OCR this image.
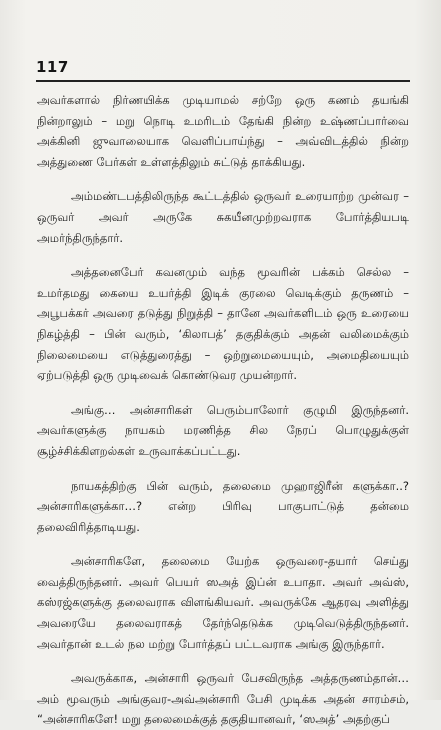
117

அவர்களால் நிர்ணயிக்க முடியாமல் சற்றே ஒரு கணம் தயங்கி நின்றாலும் – மறு நொடி உமரிடம் தேங்கி நின்ற உஷ்ணப்பார்வை அக்கினி ஜுவாலையாக வெளிப்பாய்ந்து – அவ்விடத்தில் நின்ற அத்துணை பேர்கள் உள்ளத்திலும் சுட்டுத் தாக்கியது.

அம்மண்டபத்திலிருந்த கூட்டத்தில் ஒருவர் உரையாற்ற முன்வர – ஒருவர் அவர் அருகே சுகயீனமுற்றவராக போர்த்தியபடி அமர்ந்திருந்தார்.

அத்தனைபேர் கவனமும் வந்த மூவரின் பக்கம் செல்ல – உமர்தமது கையை உயர்த்தி இடிக் குரலை வெடிக்கும் தருணம் – அபூபக்கர் அவரை தடுத்து நிறுத்தி – தானே அவர்களிடம் ஒரு உரையை நிகழ்த்தி – பின் வரும், ‘கிலாபத்’ தகுதிக்கும் அதன் வலிமைக்கும் நிலைமையை எடுத்துரைத்து – ஒற்றுமையையும், அமைதியையும் ஏற்படுத்தி ஒரு முடிவைக் கொண்டுவர முயன்றார்.

அங்கு… அன்சாரிகள் பெரும்பாலோர் குழுமி இருந்தனர். அவர்களுக்கு நாயகம் மரணித்த சில நேரப் பொழுதுக்குள் சூழ்ச்சிக்கிளறல்கள் உருவாக்கப்பட்டது.

நாயகத்திற்கு பின் வரும், தலைமை முஹாஜிரீன் களுக்கா..? அன்சாரிகளுக்கா…? என்ற பிரிவு பாகுபாட்டுத் தன்மை தலைவிரித்தாடியது.

அன்சாரிகளே, தலைமை யேற்க ஒருவரை-தயார் செய்து வைத்திருந்தனர். அவர் பெயர் ஸஅத் இப்ன் உபாதா. அவர் அவ்ஸ், கஸ்ரஜ்களுக்கு தலைவராக விளங்கியவர். அவருக்கே ஆதரவு அளித்து அவரையே தலைவராகத் தேர்ந்தெடுக்க முடிவெடுத்திருந்தனர். அவர்தான் உடல் நல மற்று போர்த்தப் பட்டவராக அங்கு இருந்தார்.

அவருக்காக, அன்சாரி ஒருவர் பேசவிருந்த அத்தருணம்தான்… அம் மூவரும் அங்குவர-அவ்அன்சாரி பேசி முடிக்க அதன் சாரம்சம், “அன்சாரிகளே! மறு தலைமைக்குத் தகுதியானவர், ‘ஸஅத்’ அதற்குப்
